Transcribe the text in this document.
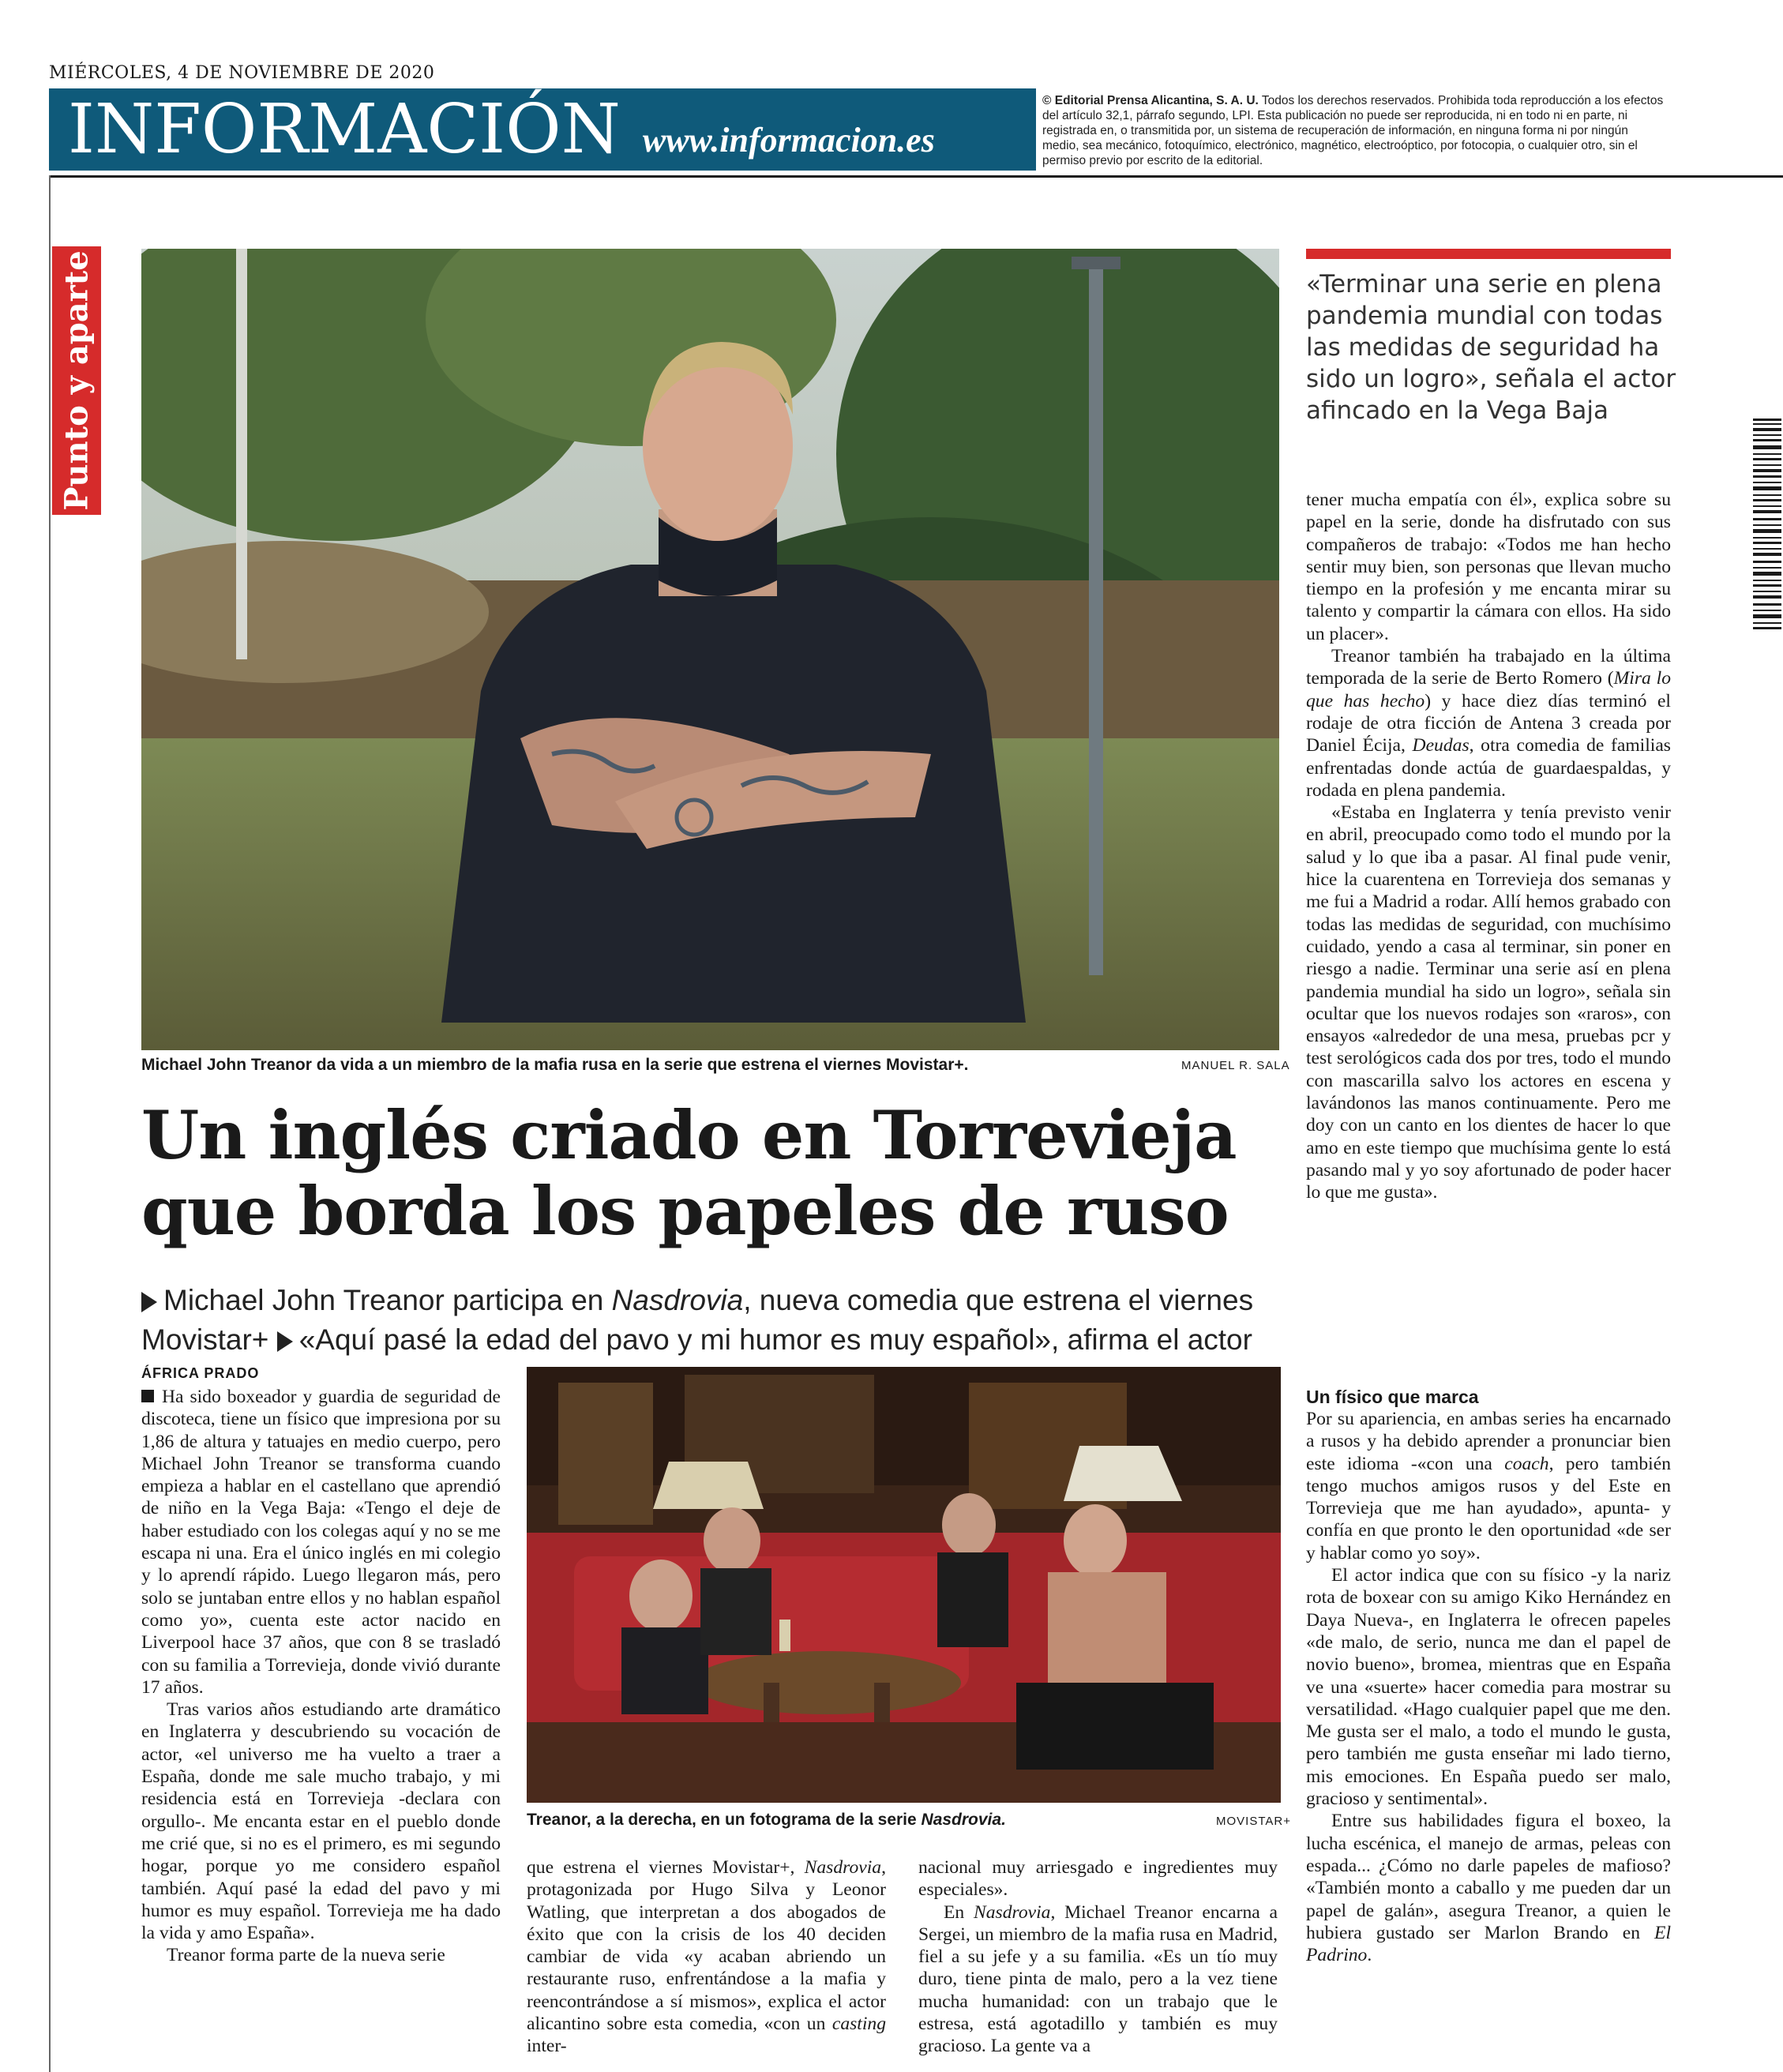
MIÉRCOLES, 4 DE NOVIEMBRE DE 2020
INFORMACIÓN www.informacion.es
© Editorial Prensa Alicantina, S. A. U. Todos los derechos reservados. Prohibida toda reproducción a los efectos del artículo 32,1, párrafo segundo, LPI. Esta publicación no puede ser reproducida, ni en todo ni en parte, ni registrada en, o transmitida por, un sistema de recuperación de información, en ninguna forma ni por ningún medio, sea mecánico, fotoquímico, electrónico, magnético, electroóptico, por fotocopia, o cualquier otro, sin el permiso previo por escrito de la editorial.
Punto y aparte
Michael John Treanor da vida a un miembro de la mafia rusa en la serie que estrena el viernes Movistar+.	MANUEL R. SALA
Un inglés criado en Torrevieja que borda los papeles de ruso
Michael John Treanor participa en Nasdrovia, nueva comedia que estrena el viernes Movistar+ «Aquí pasé la edad del pavo y mi humor es muy español», afirma el actor
ÁFRICA PRADO

Ha sido boxeador y guardia de seguridad de discoteca, tiene un físico que impresiona por su 1,86 de altura y tatuajes en medio cuerpo, pero Michael John Treanor se transforma cuando empieza a hablar en el castellano que aprendió de niño en la Vega Baja: «Tengo el deje de haber estudiado con los colegas aquí y no se me escapa ni una. Era el único inglés en mi colegio y lo aprendí rápido. Luego llegaron más, pero solo se juntaban entre ellos y no hablan español como yo», cuenta este actor nacido en Liverpool hace 37 años, que con 8 se trasladó con su familia a Torrevieja, donde vivió durante 17 años.

Tras varios años estudiando arte dramático en Inglaterra y descubriendo su vocación de actor, «el universo me ha vuelto a traer a España, donde me sale mucho trabajo, y mi residencia está en Torrevieja -declara con orgullo-. Me encanta estar en el pueblo donde me crié que, si no es el primero, es mi segundo hogar, porque yo me considero español también. Aquí pasé la edad del pavo y mi humor es muy español. Torrevieja me ha dado la vida y amo España».

Treanor forma parte de la nueva serie

Treanor, a la derecha, en un fotograma de la serie Nasdrovia.	MOVISTAR+

que estrena el viernes Movistar+, Nasdrovia, protagonizada por Hugo Silva y Leonor Watling, que interpretan a dos abogados de éxito que con la crisis de los 40 deciden cambiar de vida «y acaban abriendo un restaurante ruso, enfrentándose a la mafia y reencontrándose a sí mismos», explica el actor alicantino sobre esta comedia, «con un casting inter-

nacional muy arriesgado e ingredientes muy especiales».

En Nasdrovia, Michael Treanor encarna a Sergei, un miembro de la mafia rusa en Madrid, fiel a su jefe y a su familia. «Es un tío muy duro, tiene pinta de malo, pero a la vez tiene mucha humanidad: con un trabajo que le estresa, está agotadillo y también es muy gracioso. La gente va a

«Terminar una serie en plena pandemia mundial con todas las medidas de seguridad ha sido un logro», señala el actor afincado en la Vega Baja

tener mucha empatía con él», explica sobre su papel en la serie, donde ha disfrutado con sus compañeros de trabajo: «Todos me han hecho sentir muy bien, son personas que llevan mucho tiempo en la profesión y me encanta mirar su talento y compartir la cámara con ellos. Ha sido un placer».

Treanor también ha trabajado en la última temporada de la serie de Berto Romero (Mira lo que has hecho) y hace diez días terminó el rodaje de otra ficción de Antena 3 creada por Daniel Écija, Deudas, otra comedia de familias enfrentadas donde actúa de guardaespaldas, y rodada en plena pandemia.

«Estaba en Inglaterra y tenía previsto venir en abril, preocupado como todo el mundo por la salud y lo que iba a pasar. Al final pude venir, hice la cuarentena en Torrevieja dos semanas y me fui a Madrid a rodar. Allí hemos grabado con todas las medidas de seguridad, con muchísimo cuidado, yendo a casa al terminar, sin poner en riesgo a nadie. Terminar una serie así en plena pandemia mundial ha sido un logro», señala sin ocultar que los nuevos rodajes son «raros», con ensayos «alrededor de una mesa, pruebas pcr y test serológicos cada dos por tres, todo el mundo con mascarilla salvo los actores en escena y lavándonos las manos continuamente. Pero me doy con un canto en los dientes de hacer lo que amo en este tiempo que muchísima gente lo está pasando mal y yo soy afortunado de poder hacer lo que me gusta».

Un físico que marca

Por su apariencia, en ambas series ha encarnado a rusos y ha debido aprender a pronunciar bien este idioma -«con una coach, pero también tengo muchos amigos rusos y del Este en Torrevieja que me han ayudado», apunta- y confía en que pronto le den oportunidad «de ser y hablar como yo soy».

El actor indica que con su físico -y la nariz rota de boxear con su amigo Kiko Hernández en Daya Nueva-, en Inglaterra le ofrecen papeles «de malo, de serio, nunca me dan el papel de novio bueno», bromea, mientras que en España ve una «suerte» hacer comedia para mostrar su versatilidad. «Hago cualquier papel que me den. Me gusta ser el malo, a todo el mundo le gusta, pero también me gusta enseñar mi lado tierno, mis emociones. En España puedo ser malo, gracioso y sentimental».

Entre sus habilidades figura el boxeo, la lucha escénica, el manejo de armas, peleas con espada... ¿Cómo no darle papeles de mafioso? «También monto a caballo y me pueden dar un papel de galán», asegura Treanor, a quien le hubiera gustado ser Marlon Brando en El Padrino.
